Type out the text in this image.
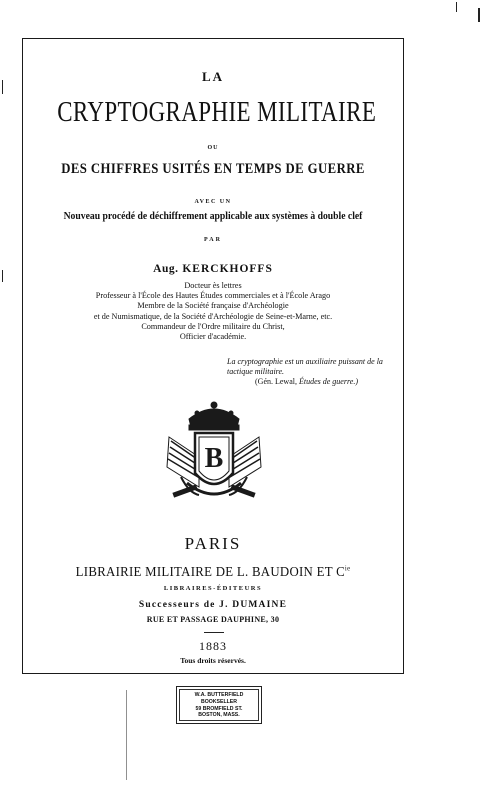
LA
CRYPTOGRAPHIE MILITAIRE
OU
DES CHIFFRES USITÉS EN TEMPS DE GUERRE
AVEC UN
Nouveau procédé de déchiffrement applicable aux systèmes à double clef
PAR
Aug. KERCKHOFFS
Docteur ès lettres
Professeur à l'École des Hautes Études commerciales et à l'École Arago
Membre de la Société française d'Archéologie
et de Numismatique, de la Société d'Archéologie de Seine-et-Marne, etc.
Commandeur de l'Ordre militaire du Christ,
Officier d'académie.
La cryptographie est un auxiliaire puissant de la tactique militaire.
(Gén. Lewal, Études de guerre.)
B
PARIS
LIBRAIRIE MILITAIRE DE L. BAUDOIN ET $C^{ie}$
LIBRAIRES-ÉDITEURS
Successeurs de J. DUMAINE
RUE ET PASSAGE DAUPHINE, 30
1883
Tous droits réservés.
W.A. BUTTERFIELD
BOOKSELLER
59 BROMFIELD ST.
BOSTON, MASS.
